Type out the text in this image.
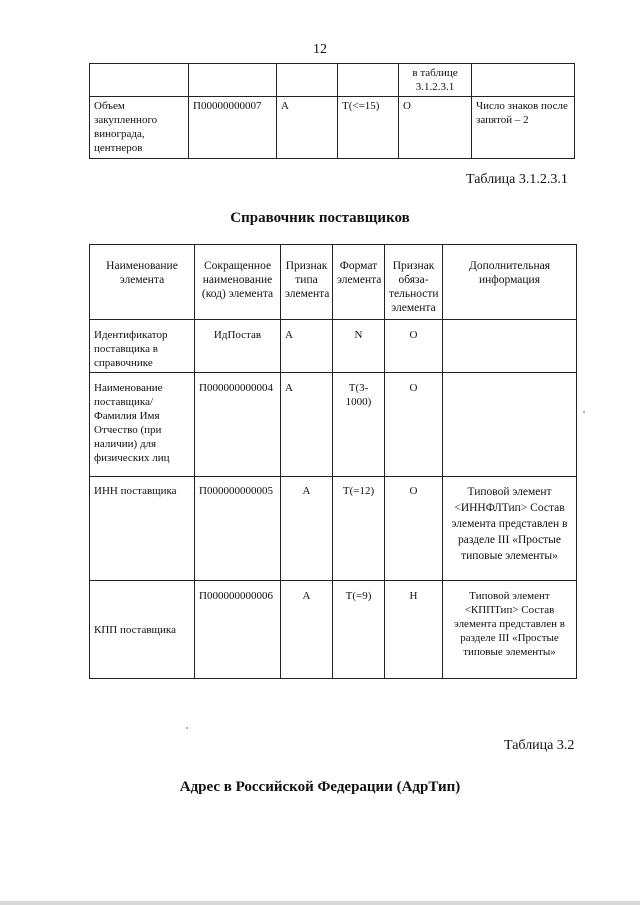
12
				в таблице 3.1.2.3.1	
Объем закупленного винограда, центнеров	П00000000007	А	Т(<=15)	О	Число знаков после запятой – 2
Таблица 3.1.2.3.1
Справочник поставщиков
Наименование элемента	Сокращенное наименование (код) элемента	Признак типа элемента	Формат элемента	Признак обяза-тельности элемента	Дополнительная информация
Идентификатор поставщика в справочнике	ИдПостав	А	N	О	
Наименование поставщика/ Фамилия Имя Отчество (при наличии) для физических лиц	П000000000004	А	Т(3-1000)	О	
ИНН поставщика	П000000000005	А	Т(=12)	О	Типовой элемент <ИННФЛТип> Состав элемента представлен в разделе III «Простые типовые элементы»
КПП поставщика	П000000000006	А	Т(=9)	Н	Типовой элемент <КППТип> Состав элемента представлен в разделе III «Простые типовые элементы»
Таблица 3.2
Адрес в Российской Федерации (АдрТип)
